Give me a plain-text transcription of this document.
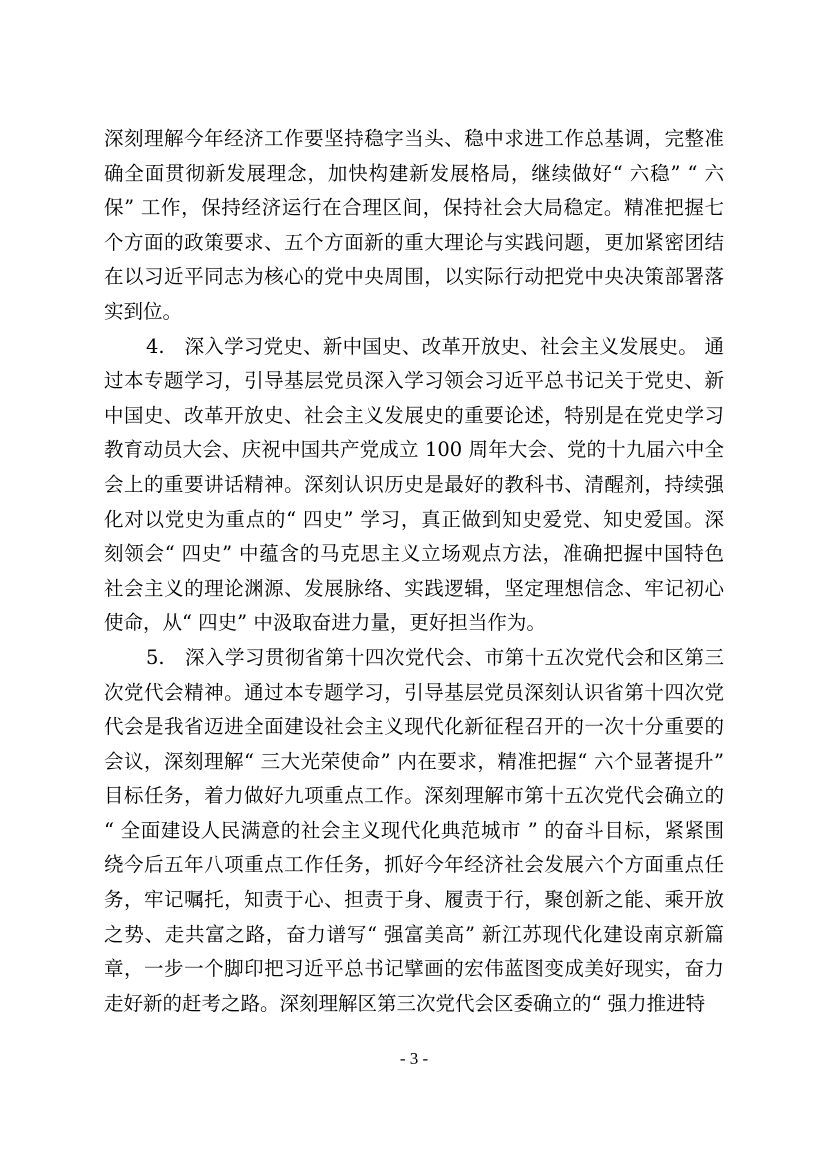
深刻理解今年经济工作要坚持稳字当头、稳中求进工作总基调，完整准
确全面贯彻新发展理念，加快构建新发展格局，继续做好“ 六稳” “ 六
保” 工作，保持经济运行在合理区间，保持社会大局稳定。精准把握七
个方面的政策要求、五个方面新的重大理论与实践问题，更加紧密团结
在以习近平同志为核心的党中央周围，以实际行动把党中央决策部署落
实到位。
4.　深入学习党史、新中国史、改革开放史、社会主义发展史。 通
过本专题学习，引导基层党员深入学习领会习近平总书记关于党史、新
中国史、改革开放史、社会主义发展史的重要论述，特别是在党史学习
教育动员大会、庆祝中国共产党成立 100 周年大会、党的十九届六中全
会上的重要讲话精神。深刻认识历史是最好的教科书、清醒剂，持续强
化对以党史为重点的“ 四史” 学习，真正做到知史爱党、知史爱国。深
刻领会“ 四史” 中蕴含的马克思主义立场观点方法，准确把握中国特色
社会主义的理论渊源、发展脉络、实践逻辑，坚定理想信念、牢记初心
使命，从“ 四史” 中汲取奋进力量，更好担当作为。
5.　深入学习贯彻省第十四次党代会、市第十五次党代会和区第三
次党代会精神。通过本专题学习，引导基层党员深刻认识省第十四次党
代会是我省迈进全面建设社会主义现代化新征程召开的一次十分重要的
会议，深刻理解“ 三大光荣使命” 内在要求，精准把握“ 六个显著提升”
目标任务，着力做好九项重点工作。深刻理解市第十五次党代会确立的
“ 全面建设人民满意的社会主义现代化典范城市 ” 的奋斗目标，紧紧围
绕今后五年八项重点工作任务，抓好今年经济社会发展六个方面重点任
务，牢记嘱托，知责于心、担责于身、履责于行，聚创新之能、乘开放
之势、走共富之路，奋力谱写“ 强富美高” 新江苏现代化建设南京新篇
章，一步一个脚印把习近平总书记擘画的宏伟蓝图变成美好现实，奋力
走好新的赶考之路。深刻理解区第三次党代会区委确立的“ 强力推进特
- 3 -
